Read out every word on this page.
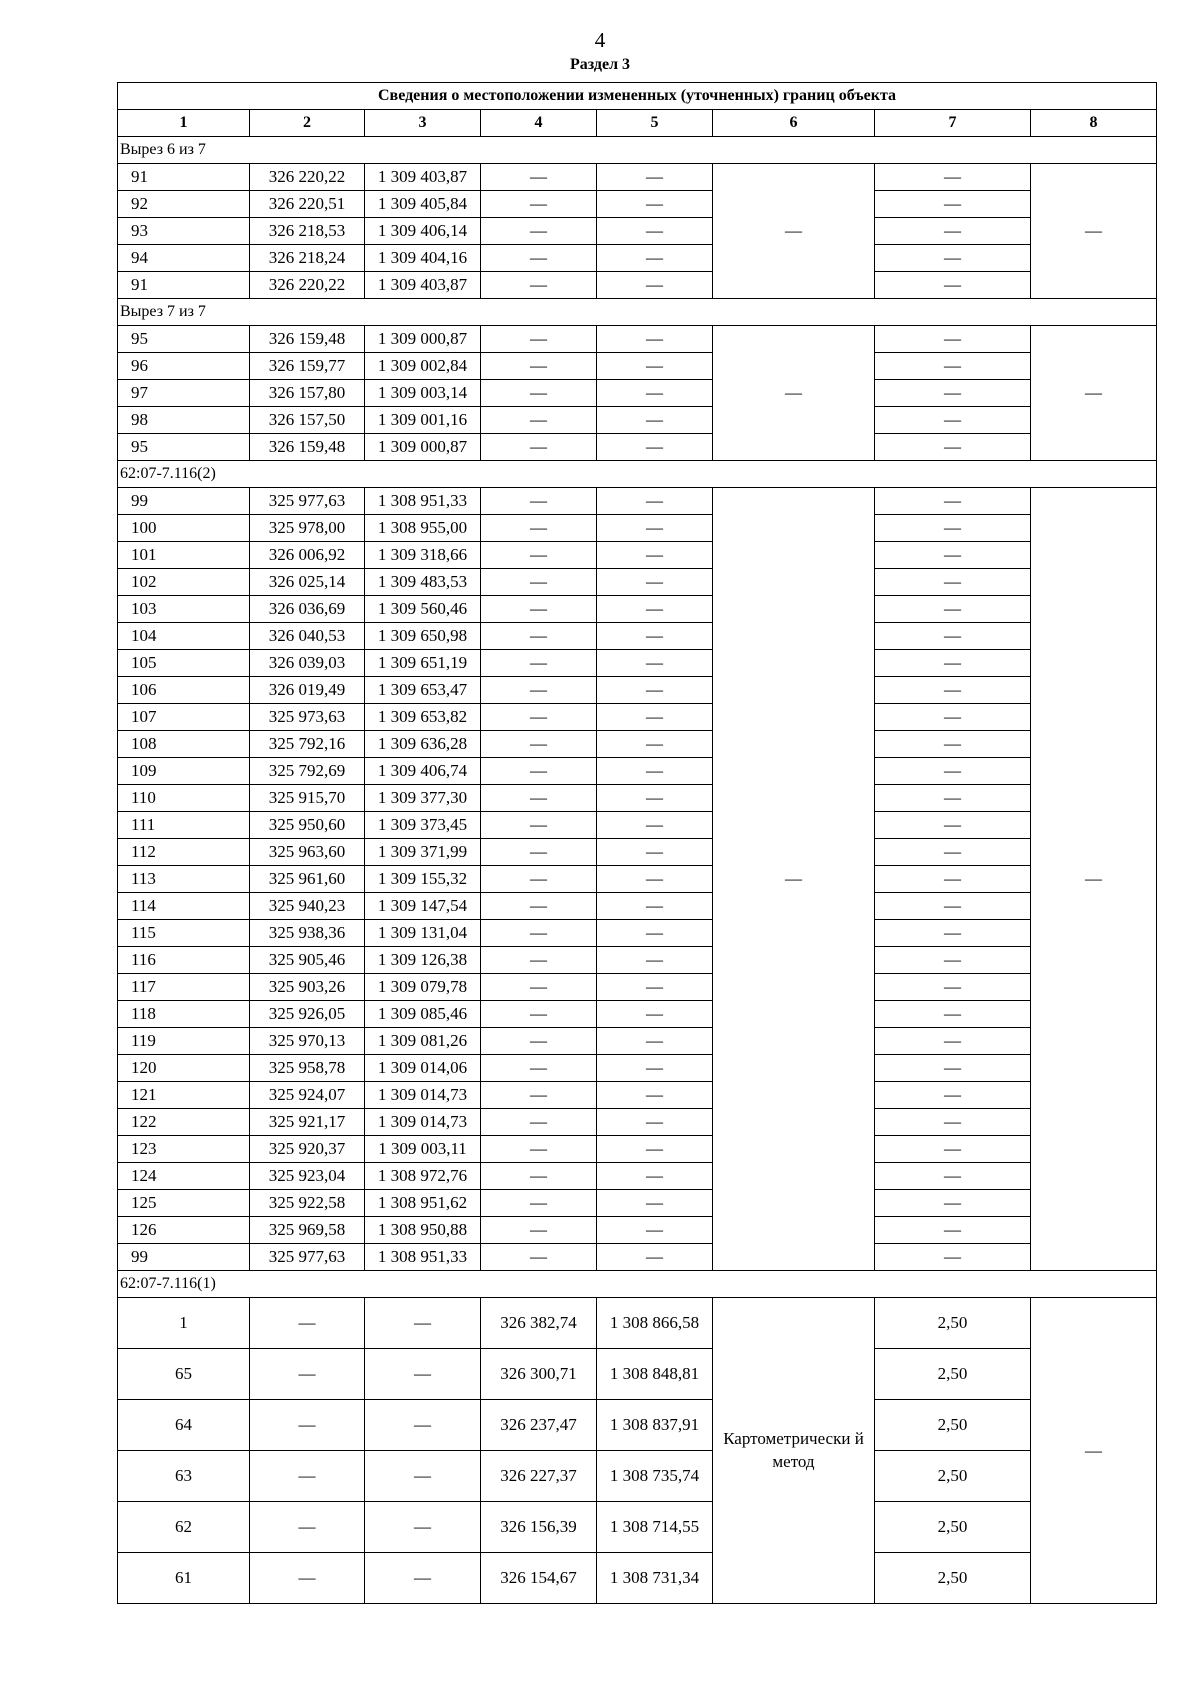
4
Раздел 3
Сведения о местоположении измененных (уточненных) границ объекта							
1	2	3	4	5	6	7	8
Вырез 6 из 7							
91	326 220,22	1 309 403,87	—	—	—	—	—
92	326 220,51	1 309 405,84	—	—		—	
93	326 218,53	1 309 406,14	—	—		—	
94	326 218,24	1 309 404,16	—	—		—	
91	326 220,22	1 309 403,87	—	—		—	
Вырез 7 из 7							
95	326 159,48	1 309 000,87	—	—	—	—	—
96	326 159,77	1 309 002,84	—	—		—	
97	326 157,80	1 309 003,14	—	—		—	
98	326 157,50	1 309 001,16	—	—		—	
95	326 159,48	1 309 000,87	—	—		—	
62:07-7.116(2)							
99	325 977,63	1 308 951,33	—	—	—	—	—
100	325 978,00	1 308 955,00	—	—		—	
101	326 006,92	1 309 318,66	—	—		—	
102	326 025,14	1 309 483,53	—	—		—	
103	326 036,69	1 309 560,46	—	—		—	
104	326 040,53	1 309 650,98	—	—		—	
105	326 039,03	1 309 651,19	—	—		—	
106	326 019,49	1 309 653,47	—	—		—	
107	325 973,63	1 309 653,82	—	—		—	
108	325 792,16	1 309 636,28	—	—		—	
109	325 792,69	1 309 406,74	—	—		—	
110	325 915,70	1 309 377,30	—	—		—	
111	325 950,60	1 309 373,45	—	—		—	
112	325 963,60	1 309 371,99	—	—		—	
113	325 961,60	1 309 155,32	—	—		—	
114	325 940,23	1 309 147,54	—	—		—	
115	325 938,36	1 309 131,04	—	—		—	
116	325 905,46	1 309 126,38	—	—		—	
117	325 903,26	1 309 079,78	—	—		—	
118	325 926,05	1 309 085,46	—	—		—	
119	325 970,13	1 309 081,26	—	—		—	
120	325 958,78	1 309 014,06	—	—		—	
121	325 924,07	1 309 014,73	—	—		—	
122	325 921,17	1 309 014,73	—	—		—	
123	325 920,37	1 309 003,11	—	—		—	
124	325 923,04	1 308 972,76	—	—		—	
125	325 922,58	1 308 951,62	—	—		—	
126	325 969,58	1 308 950,88	—	—		—	
99	325 977,63	1 308 951,33	—	—		—	
62:07-7.116(1)							
1	—	—	326 382,74	1 308 866,58	Картометрически й метод	2,50	—
65	—	—	326 300,71	1 308 848,81		2,50	
64	—	—	326 237,47	1 308 837,91		2,50	
63	—	—	326 227,37	1 308 735,74		2,50	
62	—	—	326 156,39	1 308 714,55		2,50	
61	—	—	326 154,67	1 308 731,34		2,50	
